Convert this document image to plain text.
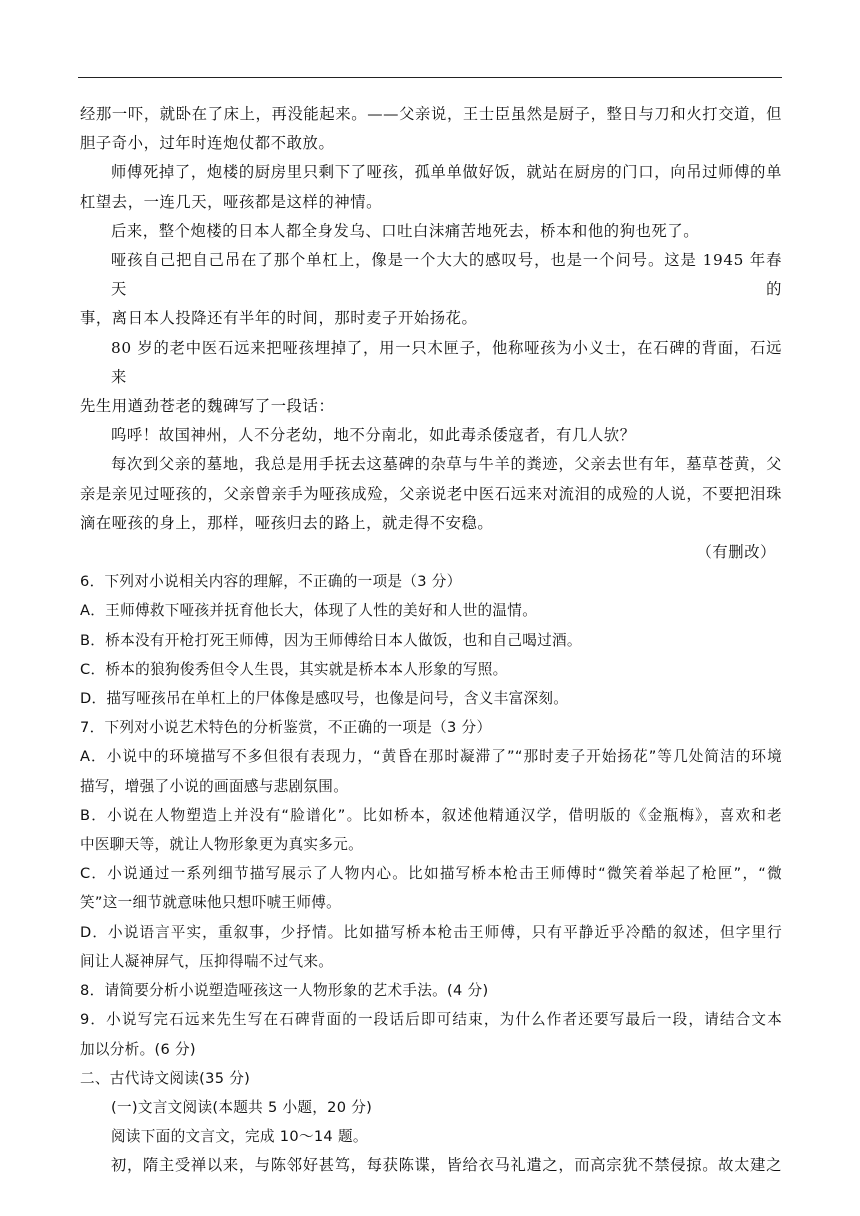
经那一吓，就卧在了床上，再没能起来。——父亲说，王士臣虽然是厨子，整日与刀和火打交道，但
胆子奇小，过年时连炮仗都不敢放。
师傅死掉了，炮楼的厨房里只剩下了哑孩，孤单单做好饭，就站在厨房的门口，向吊过师傅的单
杠望去，一连几天，哑孩都是这样的神情。
后来，整个炮楼的日本人都全身发乌、口吐白沫痛苦地死去，桥本和他的狗也死了。
哑孩自己把自己吊在了那个单杠上，像是一个大大的感叹号，也是一个问号。这是 1945 年春天的
事，离日本人投降还有半年的时间，那时麦子开始扬花。
80 岁的老中医石远来把哑孩埋掉了，用一只木匣子，他称哑孩为小义士，在石碑的背面，石远来
先生用遒劲苍老的魏碑写了一段话：
呜呼！故国神州，人不分老幼，地不分南北，如此毒杀倭寇者，有几人欤？
每次到父亲的墓地，我总是用手抚去这墓碑的杂草与牛羊的粪迹，父亲去世有年，墓草苍黄，父
亲是亲见过哑孩的，父亲曾亲手为哑孩成殓，父亲说老中医石远来对流泪的成殓的人说，不要把泪珠
滴在哑孩的身上，那样，哑孩归去的路上，就走得不安稳。
（有删改）
6．下列对小说相关内容的理解，不正确的一项是（3 分）
A．王师傅救下哑孩并抚育他长大，体现了人性的美好和人世的温情。
B．桥本没有开枪打死王师傅，因为王师傅给日本人做饭，也和自己喝过酒。
C．桥本的狼狗俊秀但令人生畏，其实就是桥本本人形象的写照。
D．描写哑孩吊在单杠上的尸体像是感叹号，也像是问号，含义丰富深刻。
7．下列对小说艺术特色的分析鉴赏，不正确的一项是（3 分）
A．小说中的环境描写不多但很有表现力，“黄昏在那时凝滞了”“那时麦子开始扬花”等几处简洁的环境
描写，增强了小说的画面感与悲剧氛围。
B．小说在人物塑造上并没有“脸谱化”。比如桥本，叙述他精通汉学，借明版的《金瓶梅》，喜欢和老
中医聊天等，就让人物形象更为真实多元。
C．小说通过一系列细节描写展示了人物内心。比如描写桥本枪击王师傅时“微笑着举起了枪匣”，“微
笑”这一细节就意味他只想吓唬王师傅。
D．小说语言平实，重叙事，少抒情。比如描写桥本枪击王师傅，只有平静近乎冷酷的叙述，但字里行
间让人凝神屏气，压抑得喘不过气来。
8．请简要分析小说塑造哑孩这一人物形象的艺术手法。(4 分)
9．小说写完石远来先生写在石碑背面的一段话后即可结束，为什么作者还要写最后一段，请结合文本
加以分析。(6 分)
二、古代诗文阅读(35 分)
(一)文言文阅读(本题共 5 小题，20 分)
阅读下面的文言文，完成 10～14 题。
初，隋主受禅以来，与陈邻好甚笃，每获陈谍，皆给衣马礼遣之，而高宗犹不禁侵掠。故太建之
